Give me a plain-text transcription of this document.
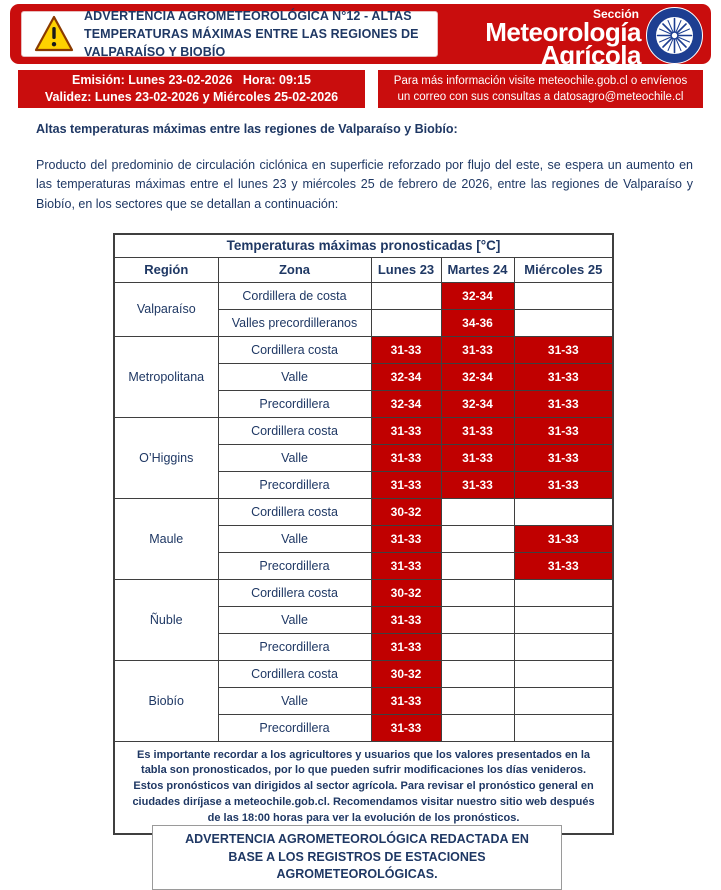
ADVERTENCIA AGROMETEOROLÓGICA N°12 - ALTAS TEMPERATURAS MÁXIMAS ENTRE LAS REGIONES DE VALPARAÍSO Y BIOBÍO
Sección
Meteorología
Agrícola
Emisión: Lunes 23-02-2026   Hora: 09:15
Validez: Lunes 23-02-2026 y Miércoles 25-02-2026
Para más información visite meteochile.gob.cl o envíenos
un correo con sus consultas a datosagro@meteochile.cl
Altas temperaturas máximas entre las regiones de Valparaíso y Biobío:
Producto del predominio de circulación ciclónica en superficie reforzado por flujo del este, se espera un aumento en las temperaturas máximas entre el lunes 23 y miércoles 25 de febrero de 2026, entre las regiones de Valparaíso y Biobío, en los sectores que se detallan a continuación:
Temperaturas máximas pronosticadas [°C]				
Región	Zona	Lunes 23	Martes 24	Miércoles 25
Valparaíso	Cordillera de costa		32-34	
	Valles precordilleranos		34-36	
Metropolitana	Cordillera costa	31-33	31-33	31-33
	Valle	32-34	32-34	31-33
	Precordillera	32-34	32-34	31-33
O’Higgins	Cordillera costa	31-33	31-33	31-33
	Valle	31-33	31-33	31-33
	Precordillera	31-33	31-33	31-33
Maule	Cordillera costa	30-32		
	Valle	31-33		31-33
	Precordillera	31-33		31-33
Ñuble	Cordillera costa	30-32		
	Valle	31-33		
	Precordillera	31-33		
Biobío	Cordillera costa	30-32		
	Valle	31-33		
	Precordillera	31-33		
Es importante recordar a los agricultores y usuarios que los valores presentados en la tabla son pronosticados, por lo que pueden sufrir modificaciones los días venideros. Estos pronósticos van dirigidos al sector agrícola. Para revisar el pronóstico general en ciudades diríjase a meteochile.gob.cl. Recomendamos visitar nuestro sitio web después de las 18:00 horas para ver la evolución de los pronósticos.				
ADVERTENCIA AGROMETEOROLÓGICA REDACTADA EN BASE A LOS REGISTROS DE ESTACIONES AGROMETEOROLÓGICAS.
